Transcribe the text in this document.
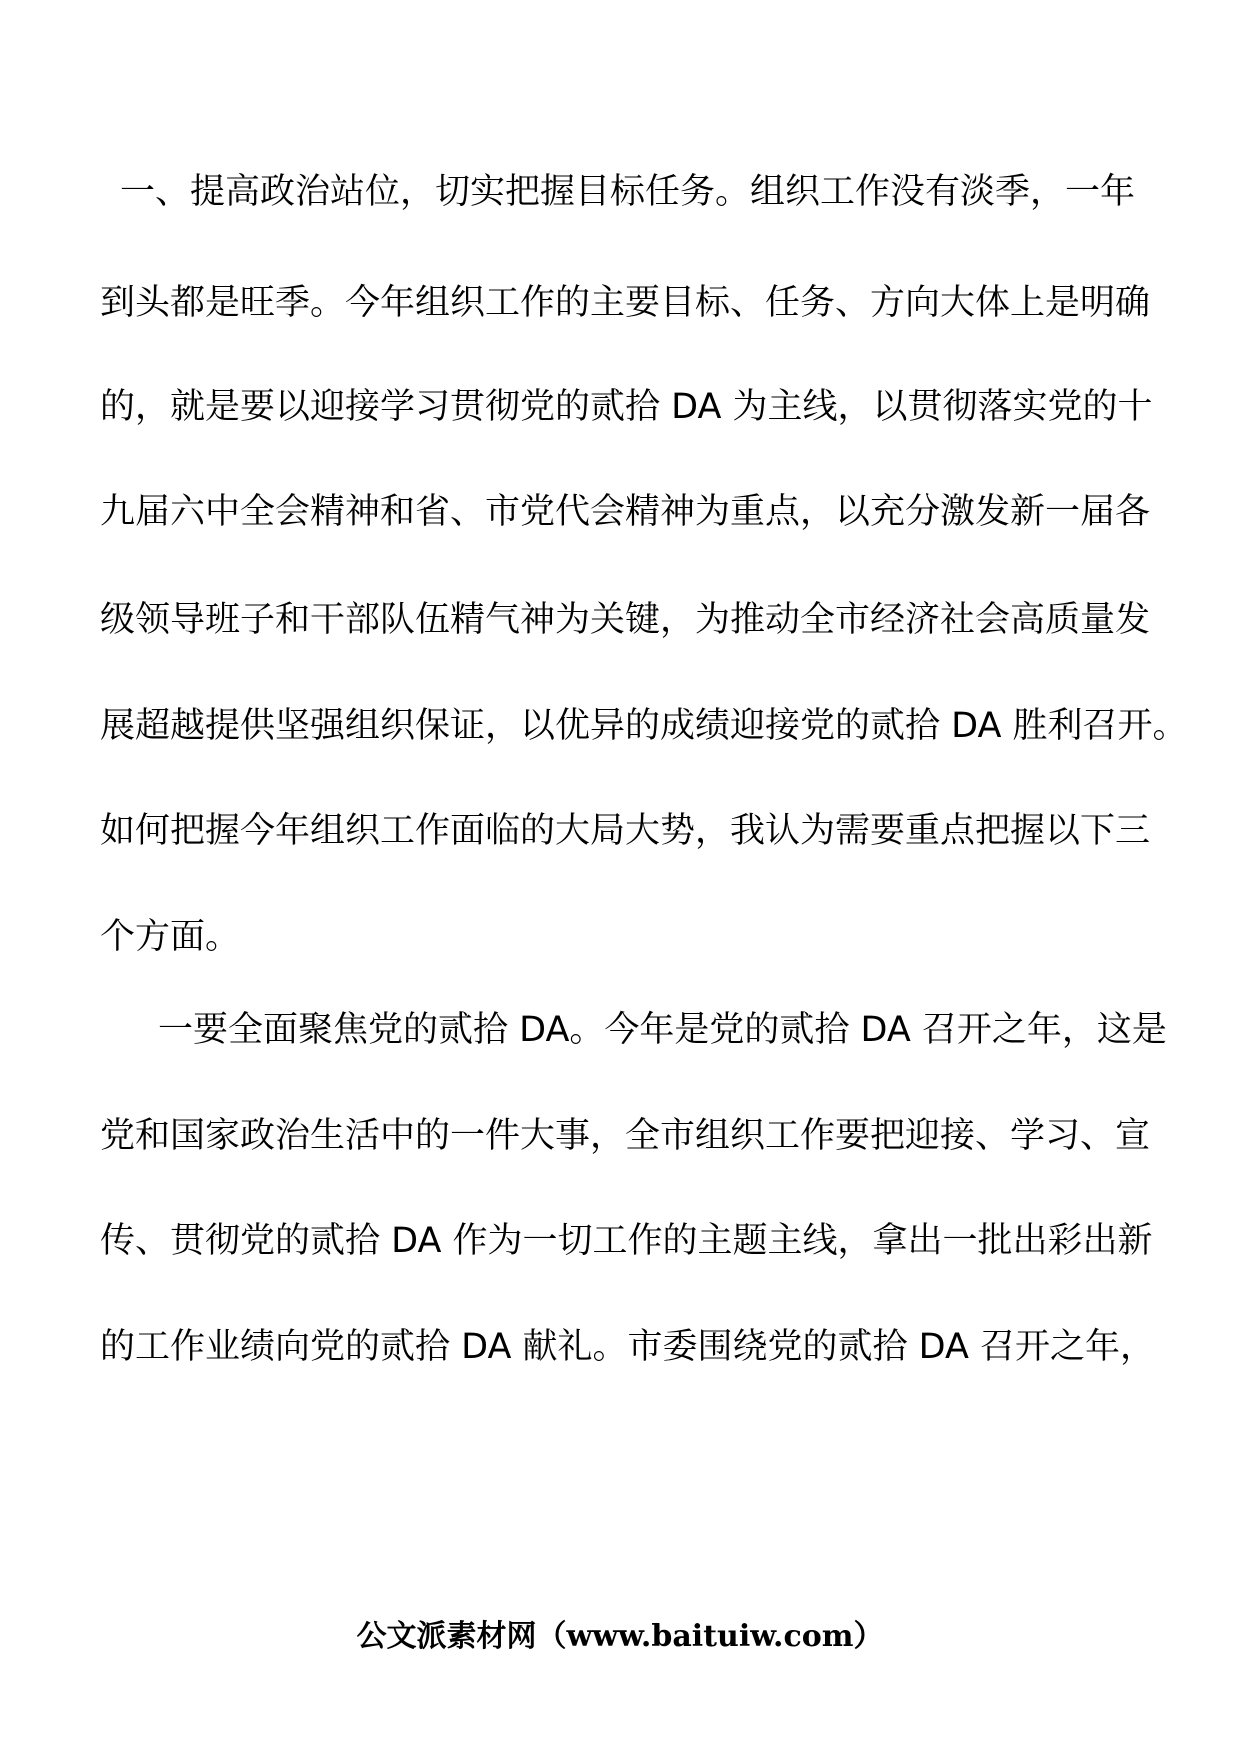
一、提高政治站位，切实把握目标任务。组织工作没有淡季，一年
到头都是旺季。今年组织工作的主要目标、任务、方向大体上是明确
的，就是要以迎接学习贯彻党的贰拾 DA 为主线，以贯彻落实党的十
九届六中全会精神和省、市党代会精神为重点，以充分激发新一届各
级领导班子和干部队伍精气神为关键，为推动全市经济社会高质量发
展超越提供坚强组织保证，以优异的成绩迎接党的贰拾 DA 胜利召开。
如何把握今年组织工作面临的大局大势，我认为需要重点把握以下三
个方面。
一要全面聚焦党的贰拾 DA。今年是党的贰拾 DA 召开之年，这是
党和国家政治生活中的一件大事，全市组织工作要把迎接、学习、宣
传、贯彻党的贰拾 DA 作为一切工作的主题主线，拿出一批出彩出新
的工作业绩向党的贰拾 DA 献礼。市委围绕党的贰拾 DA 召开之年，
公文派素材网（www.baituiw.com）
